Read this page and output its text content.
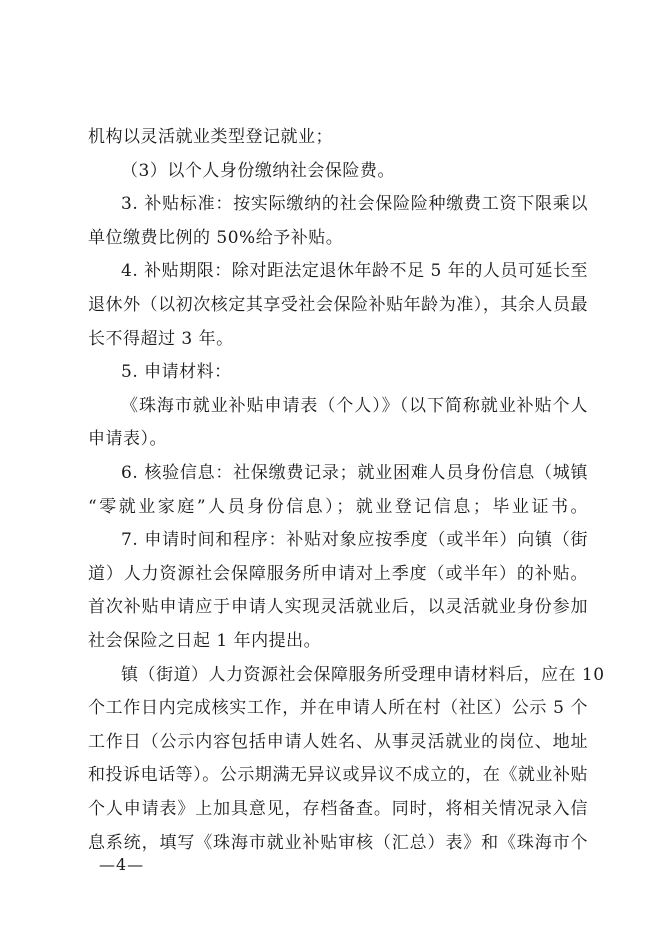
机构以灵活就业类型登记就业；
（3）以个人身份缴纳社会保险费。
3. 补贴标准：按实际缴纳的社会保险险种缴费工资下限乘以
单位缴费比例的 50%给予补贴。
4. 补贴期限：除对距法定退休年龄不足 5 年的人员可延长至
退休外（以初次核定其享受社会保险补贴年龄为准），其余人员最
长不得超过 3 年。
5. 申请材料：
《珠海市就业补贴申请表（个人）》（以下简称就业补贴个人
申请表）。
6. 核验信息：社保缴费记录；就业困难人员身份信息（城镇
“零就业家庭”人员身份信息）；就业登记信息；毕业证书。
7. 申请时间和程序：补贴对象应按季度（或半年）向镇（街
道）人力资源社会保障服务所申请对上季度（或半年）的补贴。
首次补贴申请应于申请人实现灵活就业后，以灵活就业身份参加
社会保险之日起 1 年内提出。
镇（街道）人力资源社会保障服务所受理申请材料后，应在 10
个工作日内完成核实工作，并在申请人所在村（社区）公示 5 个
工作日（公示内容包括申请人姓名、从事灵活就业的岗位、地址
和投诉电话等）。公示期满无异议或异议不成立的，在《就业补贴
个人申请表》上加具意见，存档备查。同时，将相关情况录入信
息系统，填写《珠海市就业补贴审核（汇总）表》和《珠海市个
—4—
